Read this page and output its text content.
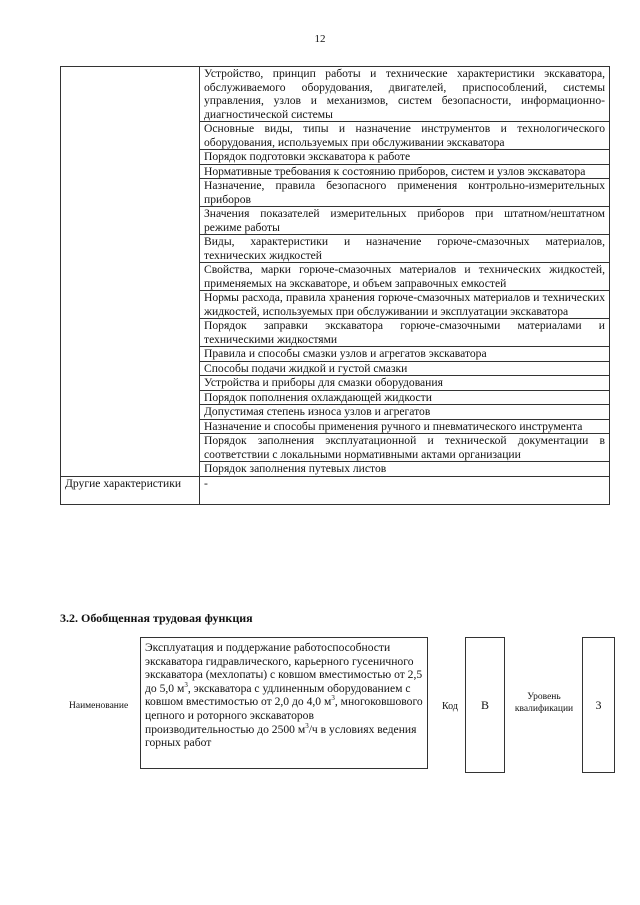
12
	Устройство, принцип работы и технические характеристики экскаватора, обслуживаемого оборудования, двигателей, приспособлений, системы управления, узлов и механизмов, систем безопасности, информационно-диагностической системы
	Основные виды, типы и назначение инструментов и технологического оборудования, используемых при обслуживании экскаватора
	Порядок подготовки экскаватора к работе
	Нормативные требования к состоянию приборов, систем и узлов экскаватора
	Назначение, правила безопасного применения контрольно-измерительных приборов
	Значения показателей измерительных приборов при штатном/нештатном режиме работы
	Виды, характеристики и назначение горюче-смазочных материалов, технических жидкостей
	Свойства, марки горюче-смазочных материалов и технических жидкостей, применяемых на экскаваторе, и объем заправочных емкостей
	Нормы расхода, правила хранения горюче-смазочных материалов и технических жидкостей, используемых при обслуживании и эксплуатации экскаватора
	Порядок заправки экскаватора горюче-смазочными материалами и техническими жидкостями
	Правила и способы смазки узлов и агрегатов экскаватора
	Способы подачи жидкой и густой смазки
	Устройства и приборы для смазки оборудования
	Порядок пополнения охлаждающей жидкости
	Допустимая степень износа узлов и агрегатов
	Назначение и способы применения ручного и пневматического инструмента
	Порядок заполнения эксплуатационной и технической документации в соответствии с локальными нормативными актами организации
	Порядок заполнения путевых листов
Другие характеристики	-
3.2. Обобщенная трудовая функция
Наименование
Эксплуатация и поддержание работоспособности экскаватора гидравлического, карьерного гусеничного экскаватора (мехлопаты) с ковшом вместимостью от 2,5 до 5,0 $м^3$, экскаватора с удлиненным оборудованием с ковшом вместимостью от 2,0 до 4,0 $м^3$, многоковшового цепного и роторного экскаваторов производительностью до 2500 $м^3/ч$ в условиях ведения горных работ
Код B
Уровень квалификации 3
